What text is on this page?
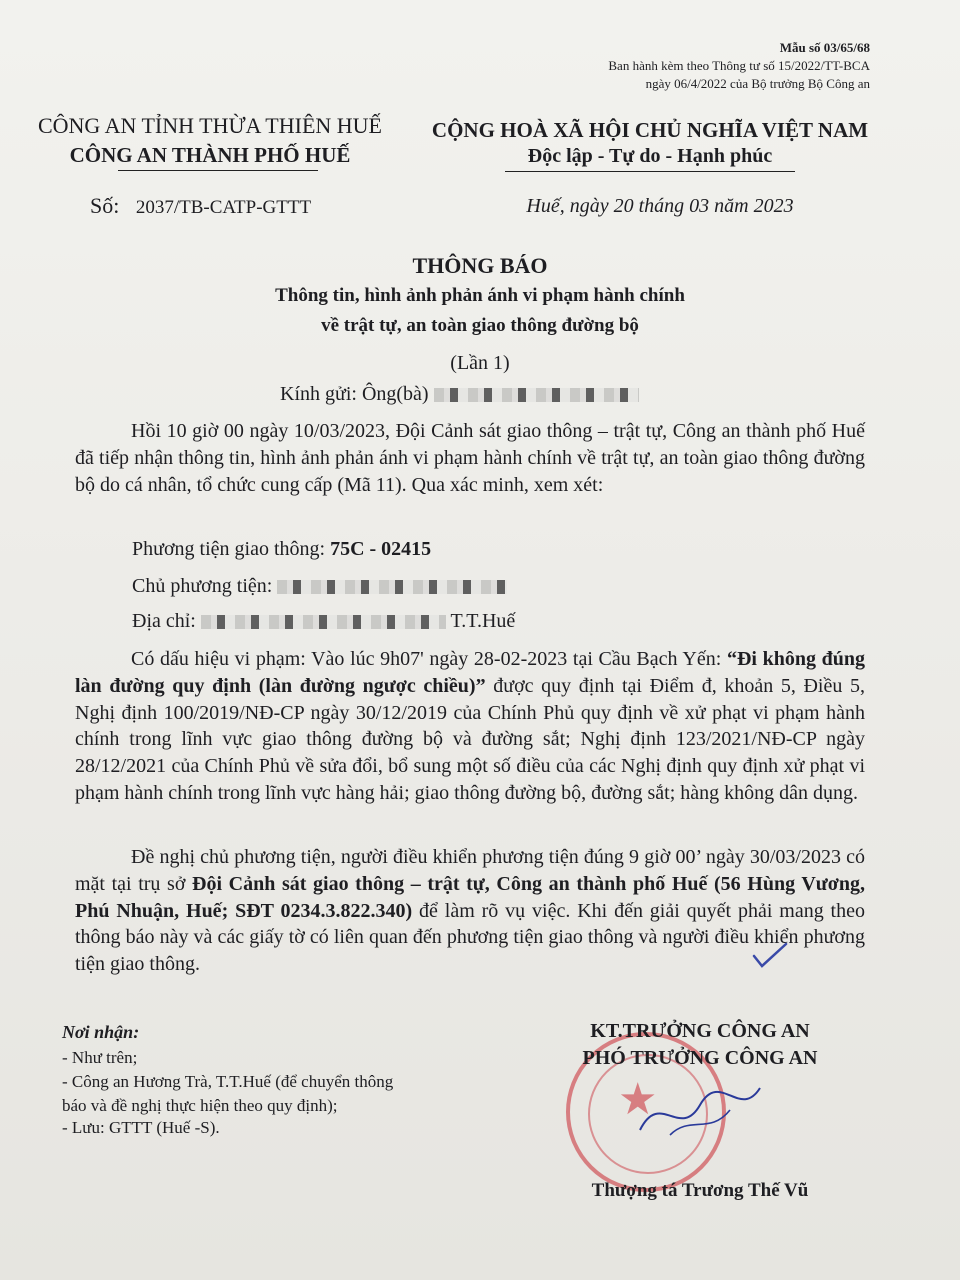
Mẫu số 03/65/68
Ban hành kèm theo Thông tư số 15/2022/TT-BCA
ngày 06/4/2022 của Bộ trưởng Bộ Công an
CÔNG AN TỈNH THỪA THIÊN HUẾ
CÔNG AN THÀNH PHỐ HUẾ
CỘNG HOÀ XÃ HỘI CHỦ NGHĨA VIỆT NAM
Độc lập - Tự do - Hạnh phúc
Số: 2037/TB-CATP-GTTT	Huế, ngày 20 tháng 03 năm 2023
THÔNG BÁO
Thông tin, hình ảnh phản ánh vi phạm hành chính
về trật tự, an toàn giao thông đường bộ
(Lần 1)
Kính gửi: Ông(bà)

Hồi 10 giờ 00 ngày 10/03/2023, Đội Cảnh sát giao thông – trật tự, Công an thành phố Huế đã tiếp nhận thông tin, hình ảnh phản ánh vi phạm hành chính về trật tự, an toàn giao thông đường bộ do cá nhân, tổ chức cung cấp (Mã 11). Qua xác minh, xem xét:

Phương tiện giao thông: 75C - 02415
Chủ phương tiện:
Địa chỉ:	T.T.Huế

Có dấu hiệu vi phạm: Vào lúc 9h07' ngày 28-02-2023 tại Cầu Bạch Yến: “Đi không đúng làn đường quy định (làn đường ngược chiều)” được quy định tại Điểm đ, khoản 5, Điều 5, Nghị định 100/2019/NĐ-CP ngày 30/12/2019 của Chính Phủ quy định về xử phạt vi phạm hành chính trong lĩnh vực giao thông đường bộ và đường sắt; Nghị định 123/2021/NĐ-CP ngày 28/12/2021 của Chính Phủ về sửa đổi, bổ sung một số điều của các Nghị định quy định xử phạt vi phạm hành chính trong lĩnh vực hàng hải; giao thông đường bộ, đường sắt; hàng không dân dụng.

Đề nghị chủ phương tiện, người điều khiển phương tiện đúng 9 giờ 00’ ngày 30/03/2023 có mặt tại trụ sở Đội Cảnh sát giao thông – trật tự, Công an thành phố Huế (56 Hùng Vương, Phú Nhuận, Huế; SĐT 0234.3.822.340) để làm rõ vụ việc. Khi đến giải quyết phải mang theo thông báo này và các giấy tờ có liên quan đến phương tiện giao thông và người điều khiển phương tiện giao thông.

Nơi nhận:
- Như trên;
- Công an Hương Trà, T.T.Huế (để chuyển thông
báo và đề nghị thực hiện theo quy định);
- Lưu: GTTT (Huế -S).
★
KT.TRƯỞNG CÔNG AN
PHÓ TRƯỞNG CÔNG AN
Thượng tá Trương Thế Vũ
